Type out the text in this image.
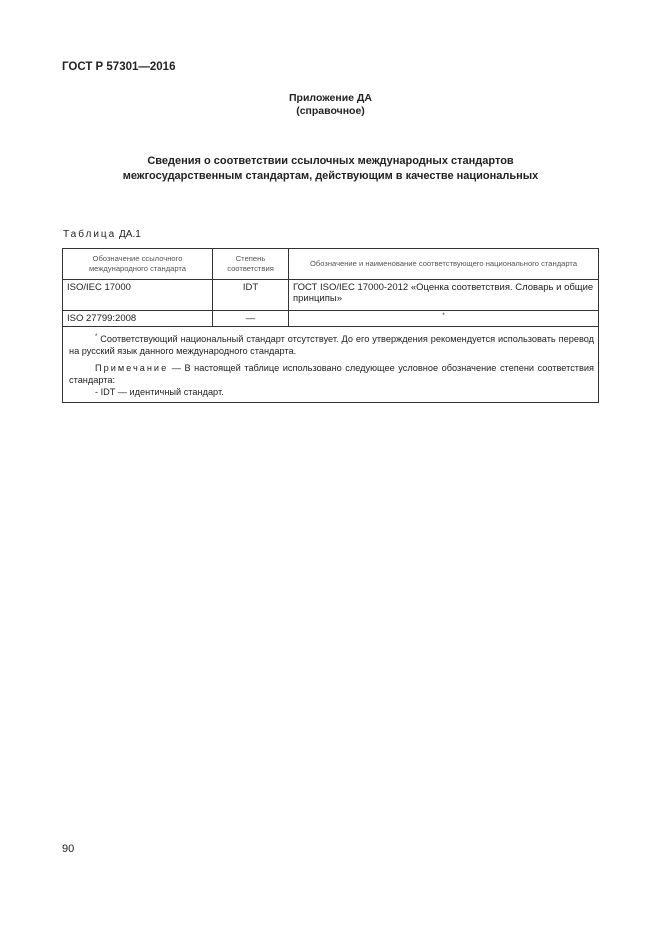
ГОСТ Р 57301—2016
Приложение ДА
(справочное)
Сведения о соответствии ссылочных международных стандартов
межгосударственным стандартам, действующим в качестве национальных
Таблица ДА.1
Обозначение ссылочного международного стандарта	Степень соответствия	Обозначение и наименование соответствующего национального стандарта
ISO/IEC 17000	IDT	ГОСТ ISO/IEC 17000-2012 «Оценка соответствия. Словарь и общие принципы»
ISO 27799:2008	—	*

* Соответствующий национальный стандарт отсутствует. До его утверждения рекомендуется использовать перевод на русский язык данного международного стандарта.

Примечание — В настоящей таблице использовано следующее условное обозначение степени соответствия стандарта:

- IDT — идентичный стандарт.		

90
